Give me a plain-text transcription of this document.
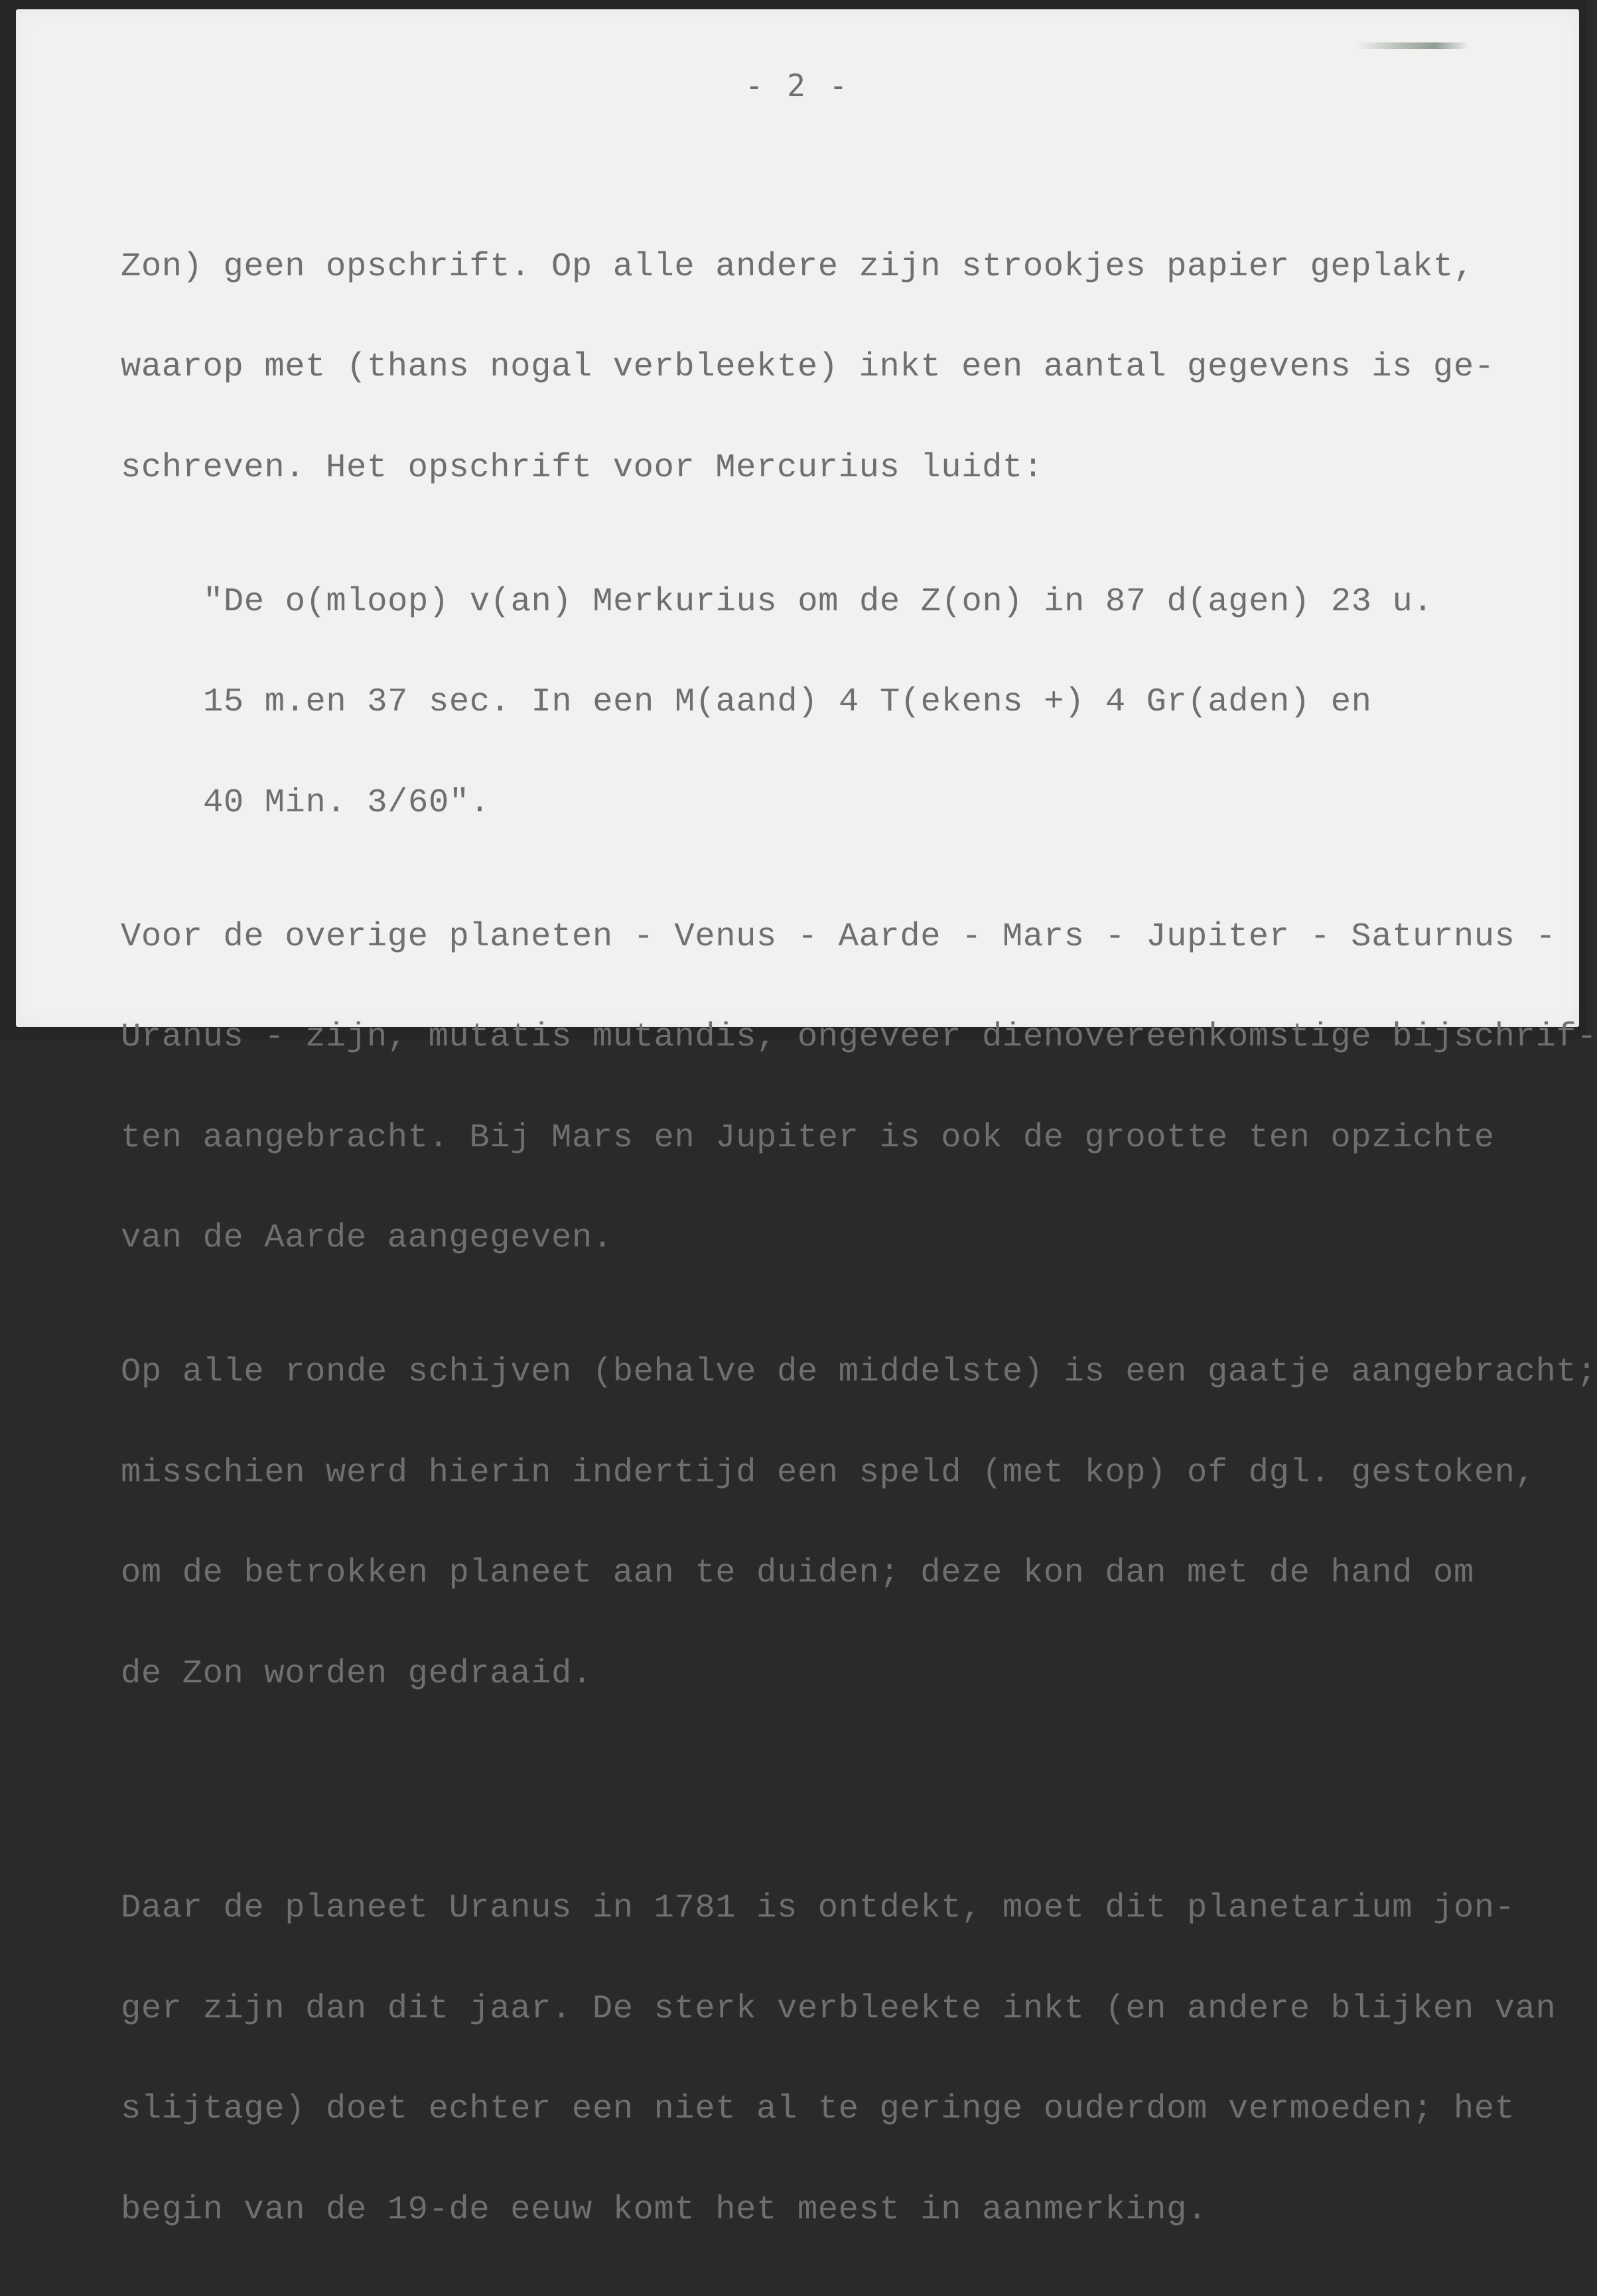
- 2 -

Zon) geen opschrift. Op alle andere zijn strookjes papier geplakt,

waarop met (thans nogal verbleekte) inkt een aantal gegevens is ge-

schreven. Het opschrift voor Mercurius luidt:

"De o(mloop) v(an) Merkurius om de Z(on) in 87 d(agen) 23 u.

15 m.en 37 sec. In een M(aand) 4 T(ekens +) 4 Gr(aden) en

40 Min. 3/60".

Voor de overige planeten - Venus - Aarde - Mars - Jupiter - Saturnus -

Uranus - zijn, mutatis mutandis, ongeveer dienovereenkomstige bijschrif-

ten aangebracht. Bij Mars en Jupiter is ook de grootte ten opzichte

van de Aarde aangegeven.

Op alle ronde schijven (behalve de middelste) is een gaatje aangebracht;

misschien werd hierin indertijd een speld (met kop) of dgl. gestoken,

om de betrokken planeet aan te duiden; deze kon dan met de hand om

de Zon worden gedraaid.

Daar de planeet Uranus in 1781 is ontdekt, moet dit planetarium jon-

ger zijn dan dit jaar. De sterk verbleekte inkt (en andere blijken van

slijtage) doet echter een niet al te geringe ouderdom vermoeden; het

begin van de 19-de eeuw komt het meest in aanmerking.
